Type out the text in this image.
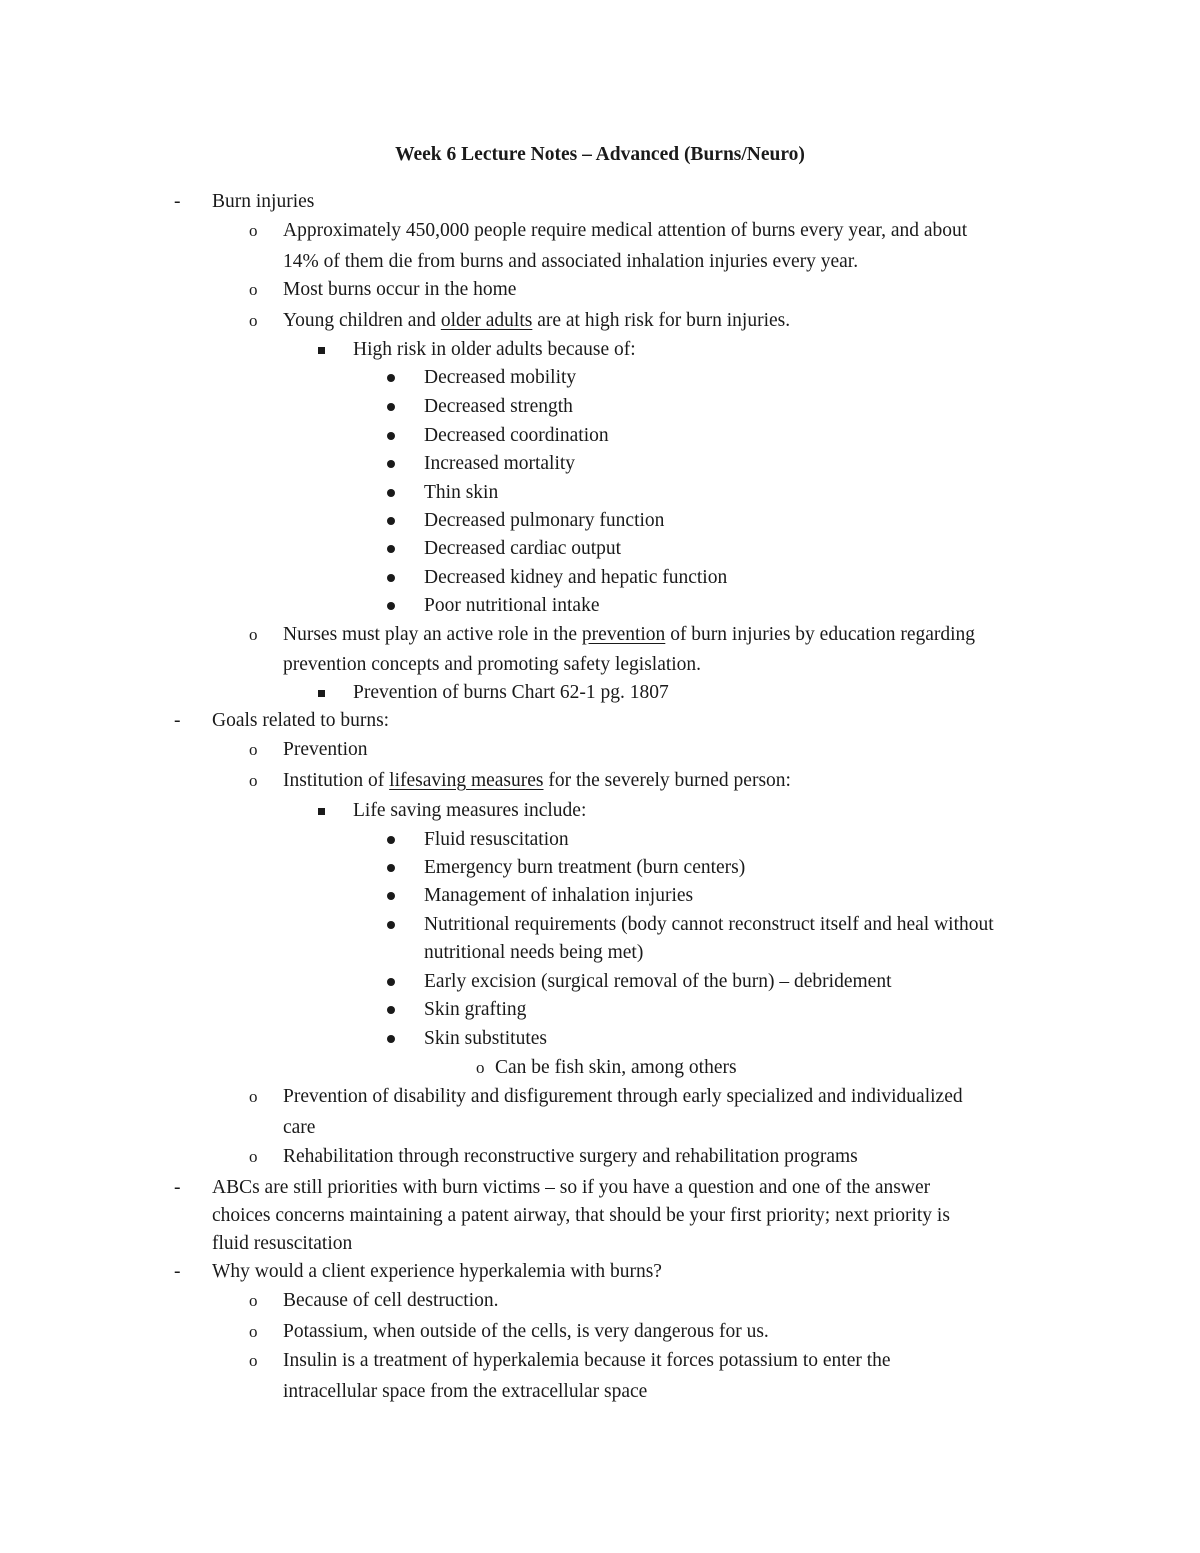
Week 6 Lecture Notes – Advanced (Burns/Neuro)
- Burn injuries
o Approximately 450,000 people require medical attention of burns every year, and about
14% of them die from burns and associated inhalation injuries every year.
o Most burns occur in the home
o Young children and older adults are at high risk for burn injuries.
High risk in older adults because of:
Decreased mobility
Decreased strength
Decreased coordination
Increased mortality
Thin skin
Decreased pulmonary function
Decreased cardiac output
Decreased kidney and hepatic function
Poor nutritional intake
o Nurses must play an active role in the prevention of burn injuries by education regarding
prevention concepts and promoting safety legislation.
Prevention of burns Chart 62-1 pg. 1807
- Goals related to burns:
o Prevention
o Institution of lifesaving measures for the severely burned person:
Life saving measures include:
Fluid resuscitation
Emergency burn treatment (burn centers)
Management of inhalation injuries
Nutritional requirements (body cannot reconstruct itself and heal without
nutritional needs being met)
Early excision (surgical removal of the burn) – debridement
Skin grafting
Skin substitutes
o Can be fish skin, among others
o Prevention of disability and disfigurement through early specialized and individualized
care
o Rehabilitation through reconstructive surgery and rehabilitation programs
- ABCs are still priorities with burn victims – so if you have a question and one of the answer
choices concerns maintaining a patent airway, that should be your first priority; next priority is
fluid resuscitation
- Why would a client experience hyperkalemia with burns?
o Because of cell destruction.
o Potassium, when outside of the cells, is very dangerous for us.
o Insulin is a treatment of hyperkalemia because it forces potassium to enter the
intracellular space from the extracellular space
